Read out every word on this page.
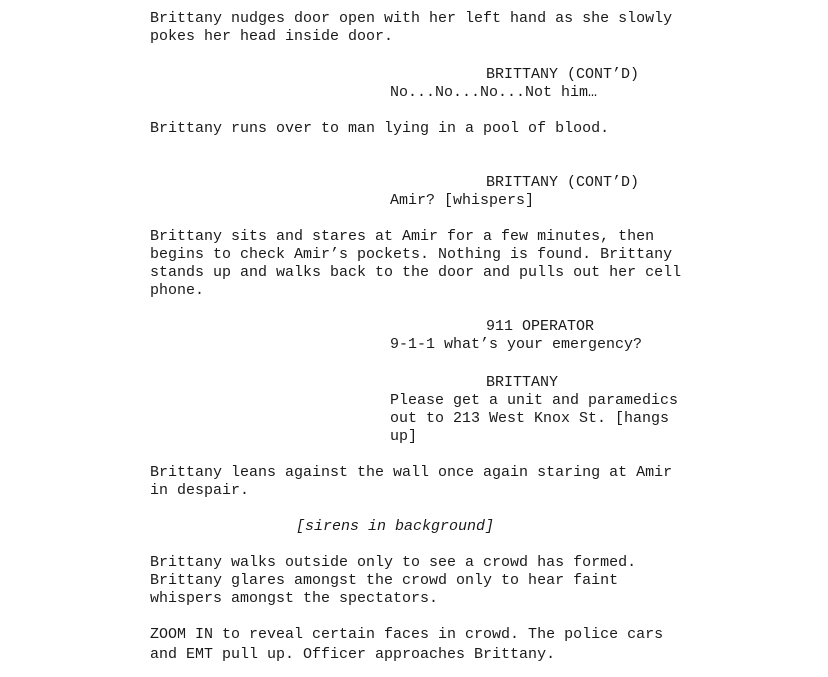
Brittany nudges door open with her left hand as she slowly
pokes her head inside door.
BRITTANY (CONT’D)
No...No...No...Not him…
Brittany runs over to man lying in a pool of blood.
BRITTANY (CONT’D)
Amir? [whispers]
Brittany sits and stares at Amir for a few minutes, then
begins to check Amir’s pockets. Nothing is found. Brittany
stands up and walks back to the door and pulls out her cell
phone.
911 OPERATOR
9-1-1 what’s your emergency?
BRITTANY
Please get a unit and paramedics
out to 213 West Knox St. [hangs
up]
Brittany leans against the wall once again staring at Amir
in despair.
[sirens in background]
Brittany walks outside only to see a crowd has formed.
Brittany glares amongst the crowd only to hear faint
whispers amongst the spectators.
ZOOM IN to reveal certain faces in crowd. The police cars
and EMT pull up. Officer approaches Brittany.
